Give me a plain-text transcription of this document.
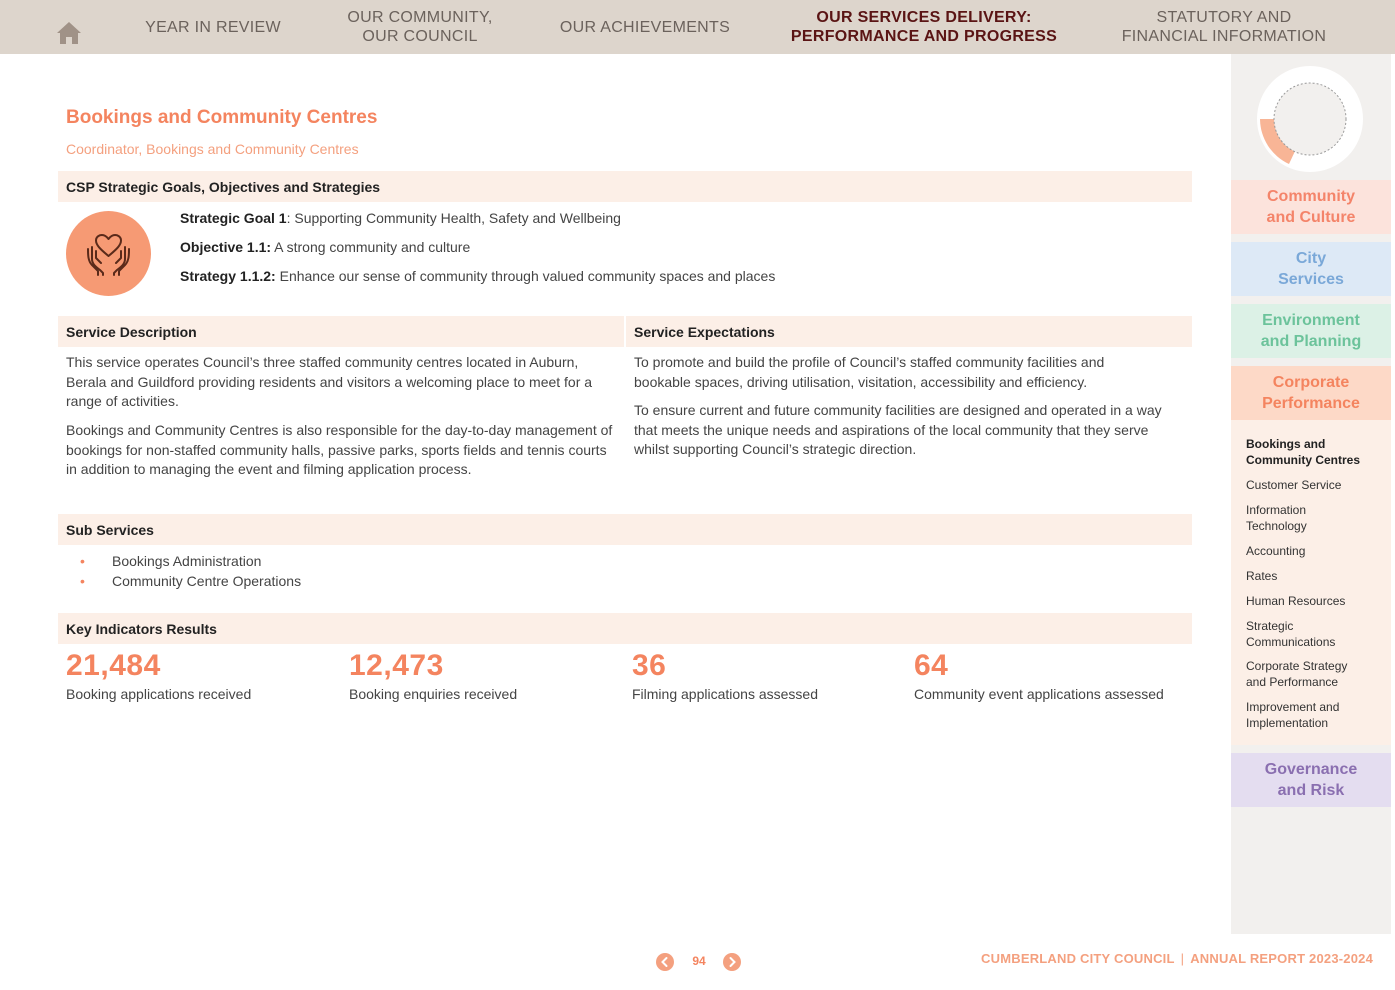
YEAR IN REVIEW
OUR COMMUNITY,
OUR COUNCIL
OUR ACHIEVEMENTS
OUR SERVICES DELIVERY:
PERFORMANCE AND PROGRESS
STATUTORY AND
FINANCIAL INFORMATION
Bookings and Community Centres
Coordinator, Bookings and Community Centres
CSP Strategic Goals, Objectives and Strategies
Strategic Goal 1: Supporting Community Health, Safety and Wellbeing
Objective 1.1: A strong community and culture
Strategy 1.1.2: Enhance our sense of community through valued community spaces and places
Service Description	Service Expectations
This service operates Council’s three staffed community centres located in Auburn, Berala and Guildford providing residents and visitors a welcoming place to meet for a range of activities.
Bookings and Community Centres is also responsible for the day-to-day management of bookings for non-staffed community halls, passive parks, sports fields and tennis courts in addition to managing the event and filming application process.
To promote and build the profile of Council’s staffed community facilities and bookable spaces, driving utilisation, visitation, accessibility and efficiency.
To ensure current and future community facilities are designed and operated in a way that meets the unique needs and aspirations of the local community that they serve whilst supporting Council’s strategic direction.
Sub Services
• Bookings Administration
• Community Centre Operations
Key Indicators Results
21,484
Booking applications received
12,473
Booking enquiries received
36
Filming applications assessed
64
Community event applications assessed
Community
and Culture
City
Services
Environment
and Planning
Corporate
Performance
Bookings and
Community Centres
Customer Service
Information
Technology
Accounting
Rates
Human Resources
Strategic
Communications
Corporate Strategy
and Performance
Improvement and
Implementation
Governance
and Risk
94	CUMBERLAND CITY COUNCIL | ANNUAL REPORT 2023-2024
